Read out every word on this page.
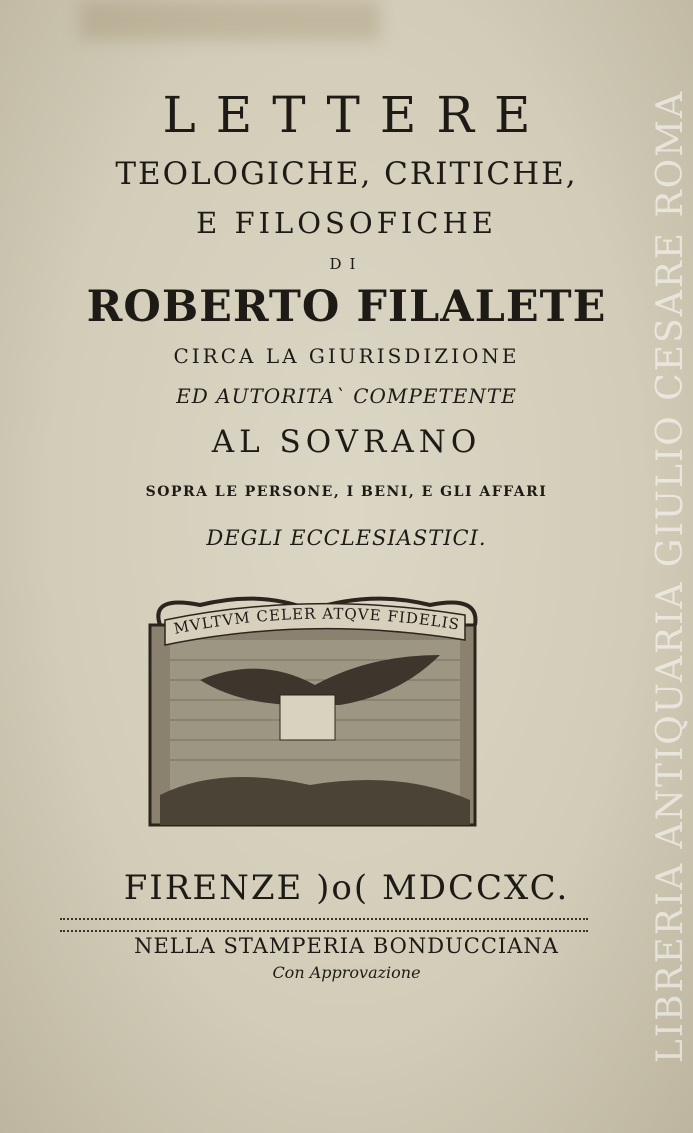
LETTERE
TEOLOGICHE, CRITICHE,
E FILOSOFICHE
DI
ROBERTO FILALETE
CIRCA LA GIURISDIZIONE
ED AUTORITA` COMPETENTE
AL SOVRANO
SOPRA LE PERSONE, I BENI, E GLI AFFARI
DEGLI ECCLESIASTICI.
MVLTVM CELER ATQVE FIDELIS
FIRENZE )o( MDCCXC.
NELLA STAMPERIA BONDUCCIANA
Con Approvazione	LIBRERIA ANTIQUARIA GIULIO CESARE ROMA
